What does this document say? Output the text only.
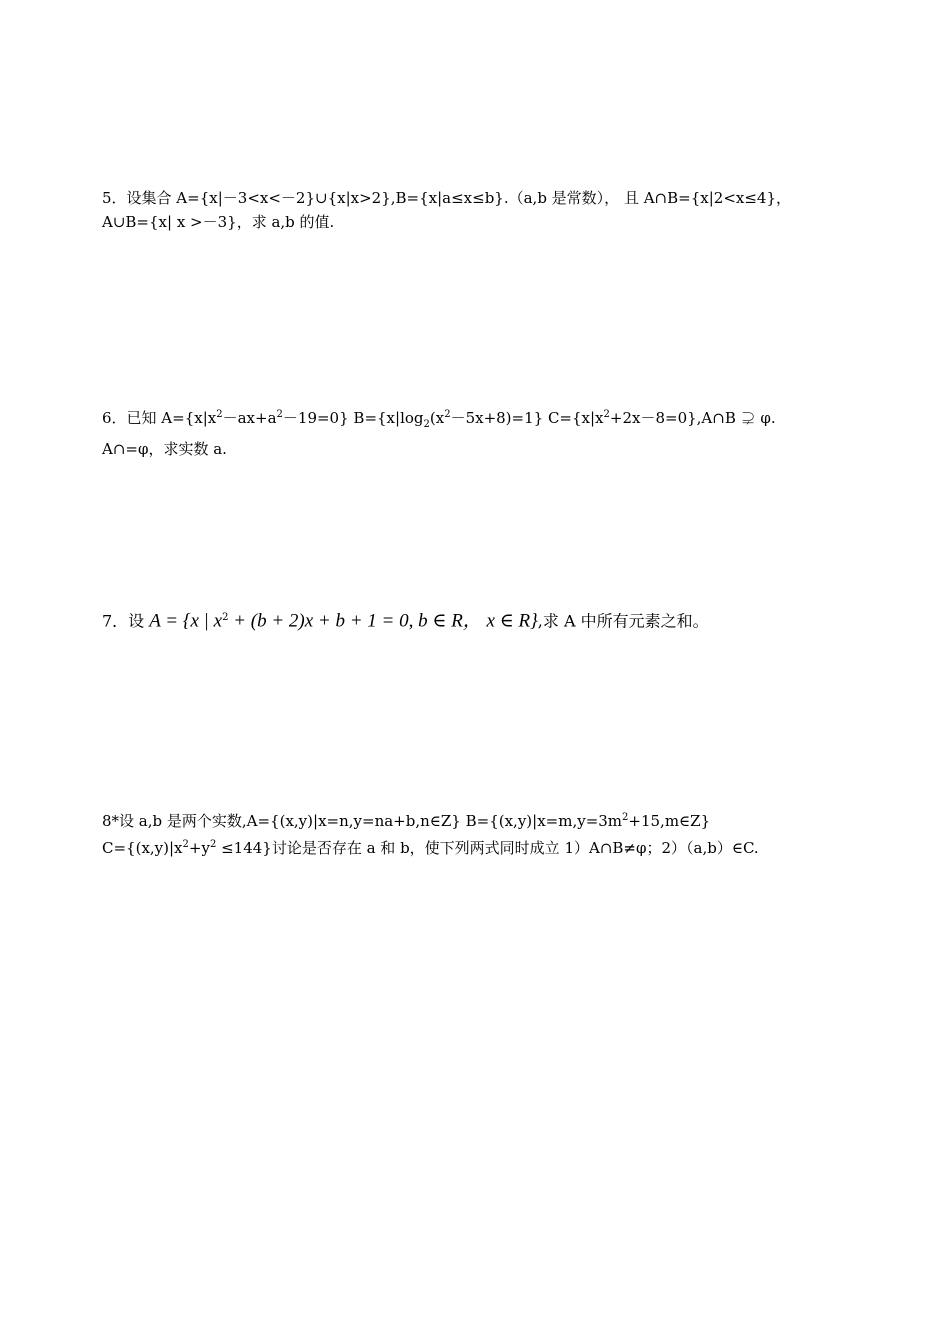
5．设集合 A={x|－3<x<－2}∪{x|x>2},B={x|a≤x≤b}.（a,b 是常数）， 且 A∩B={x|2<x≤4}，
A∪B={x| x >－3}，求 a,b 的值.
6．已知 $A=\{x|x^2-ax+a^2-19=0\}$ $B=\{x|\log_2(x^2-5x+8)=1\}$ $C=\{x|x^2+2x-8=0\},A\cap B$ ⊋ φ.
A∩=φ，求实数 a.
7．设 A = {x | $x^2 + (b + 2)x + b + 1 = 0$, b ∈ R， x ∈ R},求 A 中所有元素之和。
8*设 a,b 是两个实数,A={(x,y)|x=n,y=na+b,n∈Z} $B=\{(x,y)|x=m,y=3m^2+15,m\in Z\}$
$C=\{(x,y)|x^2+y^2 \le 144\}$讨论是否存在 a 和 b，使下列两式同时成立 1）A∩B≠φ；2）（a,b）∈C.
